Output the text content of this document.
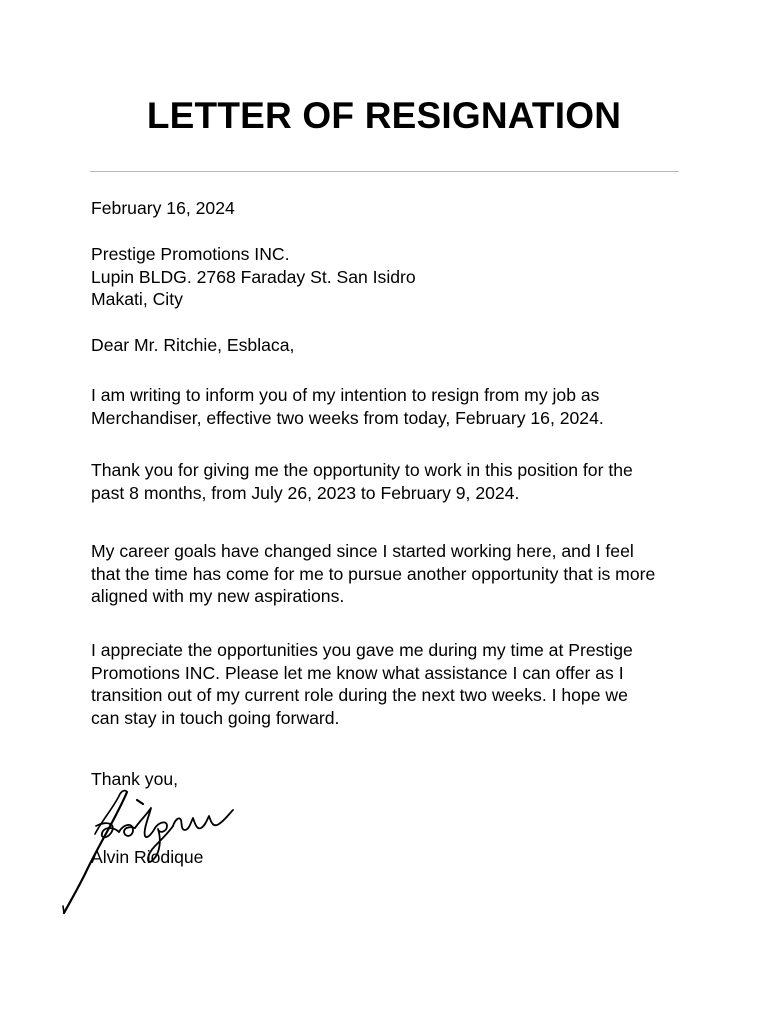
LETTER OF RESIGNATION

February 16, 2024

Prestige Promotions INC.
Lupin BLDG. 2768 Faraday St. San Isidro
Makati, City

Dear Mr. Ritchie, Esblaca,

I am writing to inform you of my intention to resign from my job as
Merchandiser, effective two weeks from today, February 16, 2024.

Thank you for giving me the opportunity to work in this position for the
past 8 months, from July 26, 2023 to February 9, 2024.

My career goals have changed since I started working here, and I feel
that the time has come for me to pursue another opportunity that is more
aligned with my new aspirations.

I appreciate the opportunities you gave me during my time at Prestige
Promotions INC. Please let me know what assistance I can offer as I
transition out of my current role during the next two weeks. I hope we
can stay in touch going forward.

Thank you,

Alvin Riodique
